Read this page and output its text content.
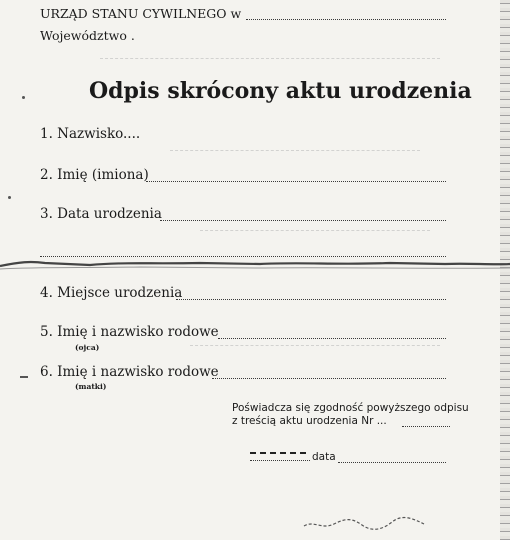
URZĄD STANU CYWILNEGO w
Województwo .
Odpis skrócony aktu urodzenia
1. Nazwisko....
2. Imię (imiona)
3. Data urodzenia
4. Miejsce urodzenia
5. Imię i nazwisko rodowe
(ojca)
6. Imię i nazwisko rodowe
(matki)
Poświadcza się zgodność powyższego odpisu
z treścią aktu urodzenia Nr ...
data
